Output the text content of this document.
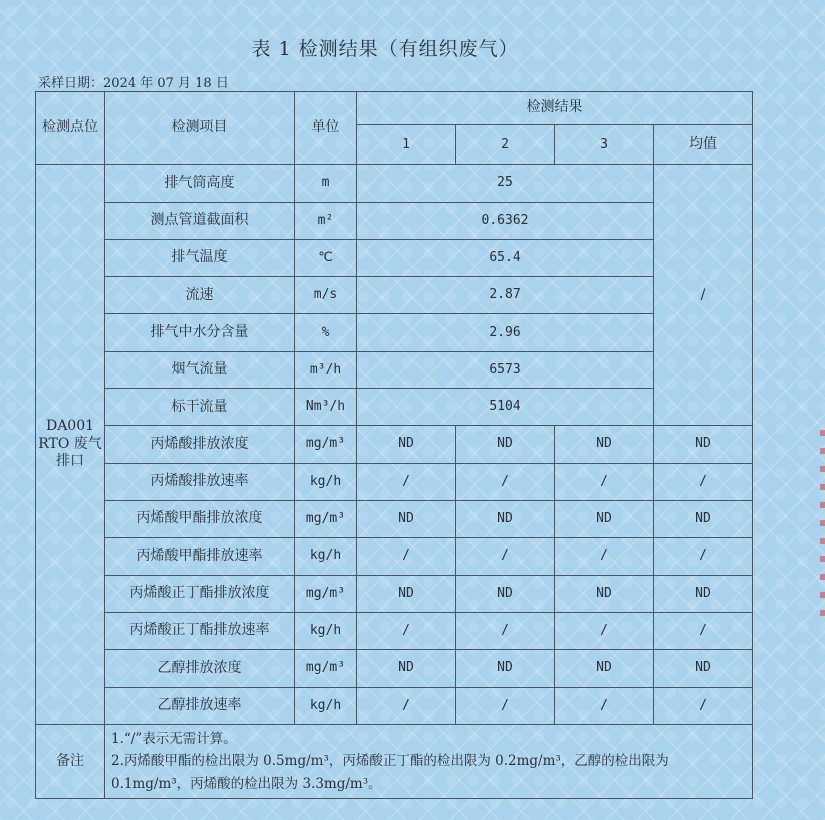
表 1 检测结果（有组织废气）
采样日期：2024 年 07 月 18 日
检测点位	检测项目	单位	检测结果			
			1	2	3	均值
DA001 RTO 废气排口	排气筒高度	m	25			/
	测点管道截面积	m²	0.6362			
	排气温度	℃	65.4			
	流速	m/s	2.87			
	排气中水分含量	%	2.96			
	烟气流量	m³/h	6573			
	标干流量	Nm³/h	5104			
	丙烯酸排放浓度	mg/m³	ND	ND	ND	ND
	丙烯酸排放速率	kg/h	/	/	/	/
	丙烯酸甲酯排放浓度	mg/m³	ND	ND	ND	ND
	丙烯酸甲酯排放速率	kg/h	/	/	/	/
	丙烯酸正丁酯排放浓度	mg/m³	ND	ND	ND	ND
	丙烯酸正丁酯排放速率	kg/h	/	/	/	/
	乙醇排放浓度	mg/m³	ND	ND	ND	ND
	乙醇排放速率	kg/h	/	/	/	/
备注	1.“/”表示无需计算。
2.丙烯酸甲酯的检出限为 0.5mg/m³，丙烯酸正丁酯的检出限为 0.2mg/m³，乙醇的检出限为
0.1mg/m³，丙烯酸的检出限为 3.3mg/m³。					
